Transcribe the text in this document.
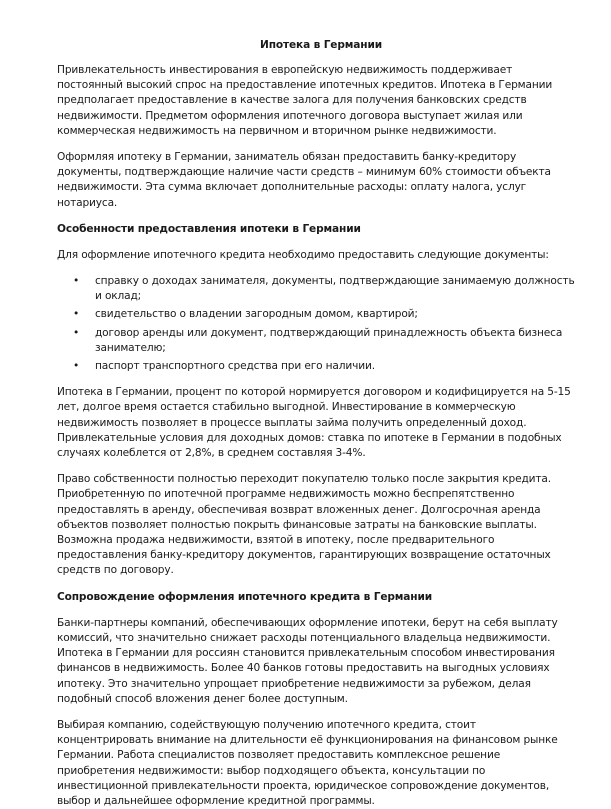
Ипотека в Германии

Привлекательность инвестирования в европейскую недвижимость поддерживает постоянный высокий спрос на предоставление ипотечных кредитов. Ипотека в Германии предполагает предоставление в качестве залога для получения банковских средств недвижимости. Предметом оформления ипотечного договора выступает жилая или коммерческая недвижимость на первичном и вторичном рынке недвижимости.

Оформляя ипотеку в Германии, заниматель обязан предоставить банку-кредитору документы, подтверждающие наличие части средств – минимум 60% стоимости объекта недвижимости. Эта сумма включает дополнительные расходы: оплату налога, услуг нотариуса.

Особенности предоставления ипотеки в Германии

Для оформление ипотечного кредита необходимо предоставить следующие документы:

• справку о доходах занимателя, документы, подтверждающие занимаемую должность и оклад;
• свидетельство о владении загородным домом, квартирой;
• договор аренды или документ, подтверждающий принадлежность объекта бизнеса занимателю;
• паспорт транспортного средства при его наличии.

Ипотека в Германии, процент по которой нормируется договором и кодифицируется на 5-15 лет, долгое время остается стабильно выгодной. Инвестирование в коммерческую недвижимость позволяет в процессе выплаты займа получить определенный доход. Привлекательные условия для доходных домов: ставка по ипотеке в Германии в подобных случаях колеблется от 2,8%, в среднем составляя 3-4%.

Право собственности полностью переходит покупателю только после закрытия кредита. Приобретенную по ипотечной программе недвижимость можно беспрепятственно предоставлять в аренду, обеспечивая возврат вложенных денег. Долгосрочная аренда объектов позволяет полностью покрыть финансовые затраты на банковские выплаты. Возможна продажа недвижимости, взятой в ипотеку, после предварительного предоставления банку-кредитору документов, гарантирующих возвращение остаточных средств по договору.

Сопровождение оформления ипотечного кредита в Германии

Банки-партнеры компаний, обеспечивающих оформление ипотеки, берут на себя выплату комиссий, что значительно снижает расходы потенциального владельца недвижимости. Ипотека в Германии для россиян становится привлекательным способом инвестирования финансов в недвижимость. Более 40 банков готовы предоставить на выгодных условиях ипотеку. Это значительно упрощает приобретение недвижимости за рубежом, делая подобный способ вложения денег более доступным.

Выбирая компанию, содействующую получению ипотечного кредита, стоит концентрировать внимание на длительности её функционирования на финансовом рынке Германии. Работа специалистов позволяет предоставить комплексное решение приобретения недвижимости: выбор подходящего объекта, консультации по инвестиционной привлекательности проекта, юридическое сопровождение документов, выбор и дальнейшее оформление кредитной программы.
